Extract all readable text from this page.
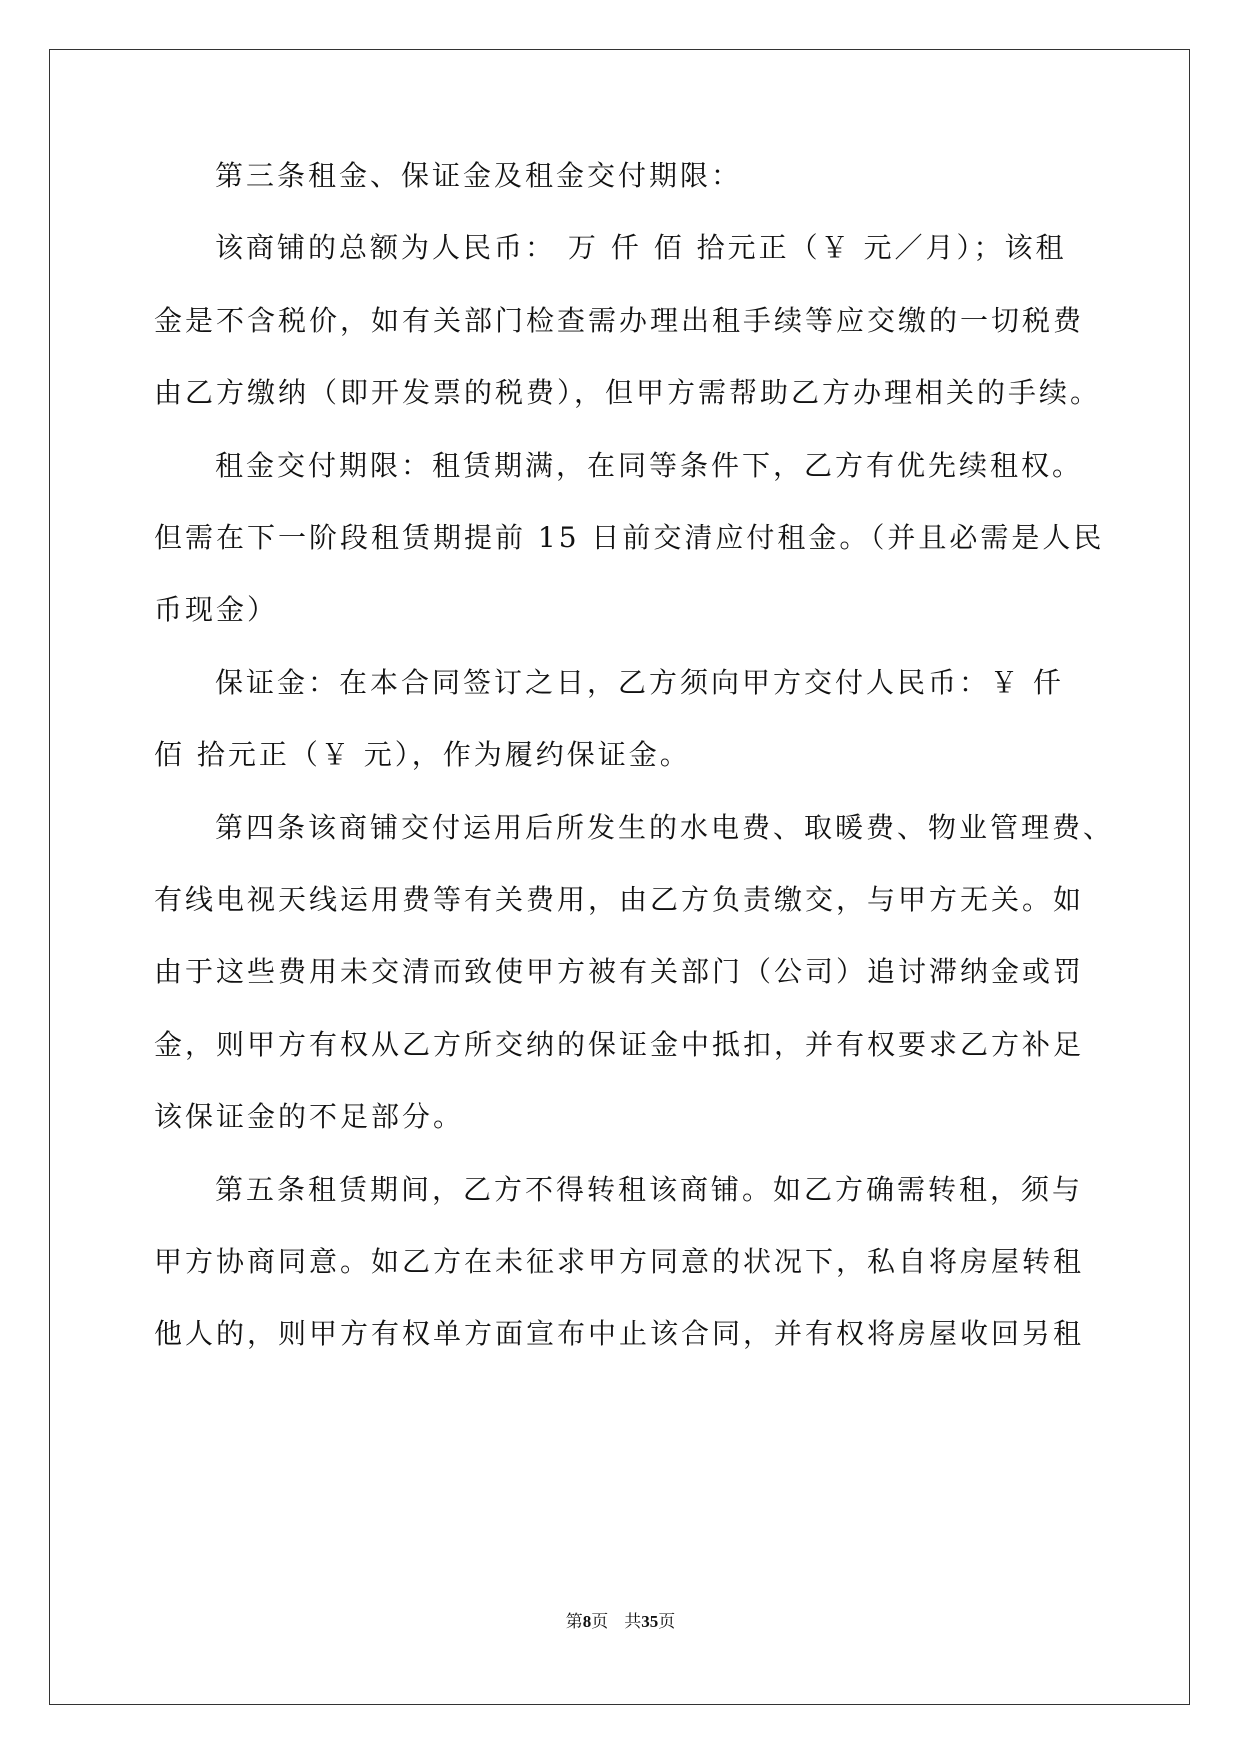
第三条租金、保证金及租金交付期限：
该商铺的总额为人民币： 万 仟 佰 拾元正（￥ 元／月）；该租
金是不含税价，如有关部门检查需办理出租手续等应交缴的一切税费
由乙方缴纳（即开发票的税费），但甲方需帮助乙方办理相关的手续。
租金交付期限：租赁期满，在同等条件下，乙方有优先续租权。
但需在下一阶段租赁期提前 15 日前交清应付租金。（并且必需是人民
币现金）
保证金：在本合同签订之日，乙方须向甲方交付人民币：￥ 仟
佰 拾元正（￥ 元），作为履约保证金。
第四条该商铺交付运用后所发生的水电费、取暖费、物业管理费、
有线电视天线运用费等有关费用，由乙方负责缴交，与甲方无关。如
由于这些费用未交清而致使甲方被有关部门（公司）追讨滞纳金或罚
金，则甲方有权从乙方所交纳的保证金中抵扣，并有权要求乙方补足
该保证金的不足部分。
第五条租赁期间，乙方不得转租该商铺。如乙方确需转租，须与
甲方协商同意。如乙方在未征求甲方同意的状况下，私自将房屋转租
他人的，则甲方有权单方面宣布中止该合同，并有权将房屋收回另租
第8页 共35页
